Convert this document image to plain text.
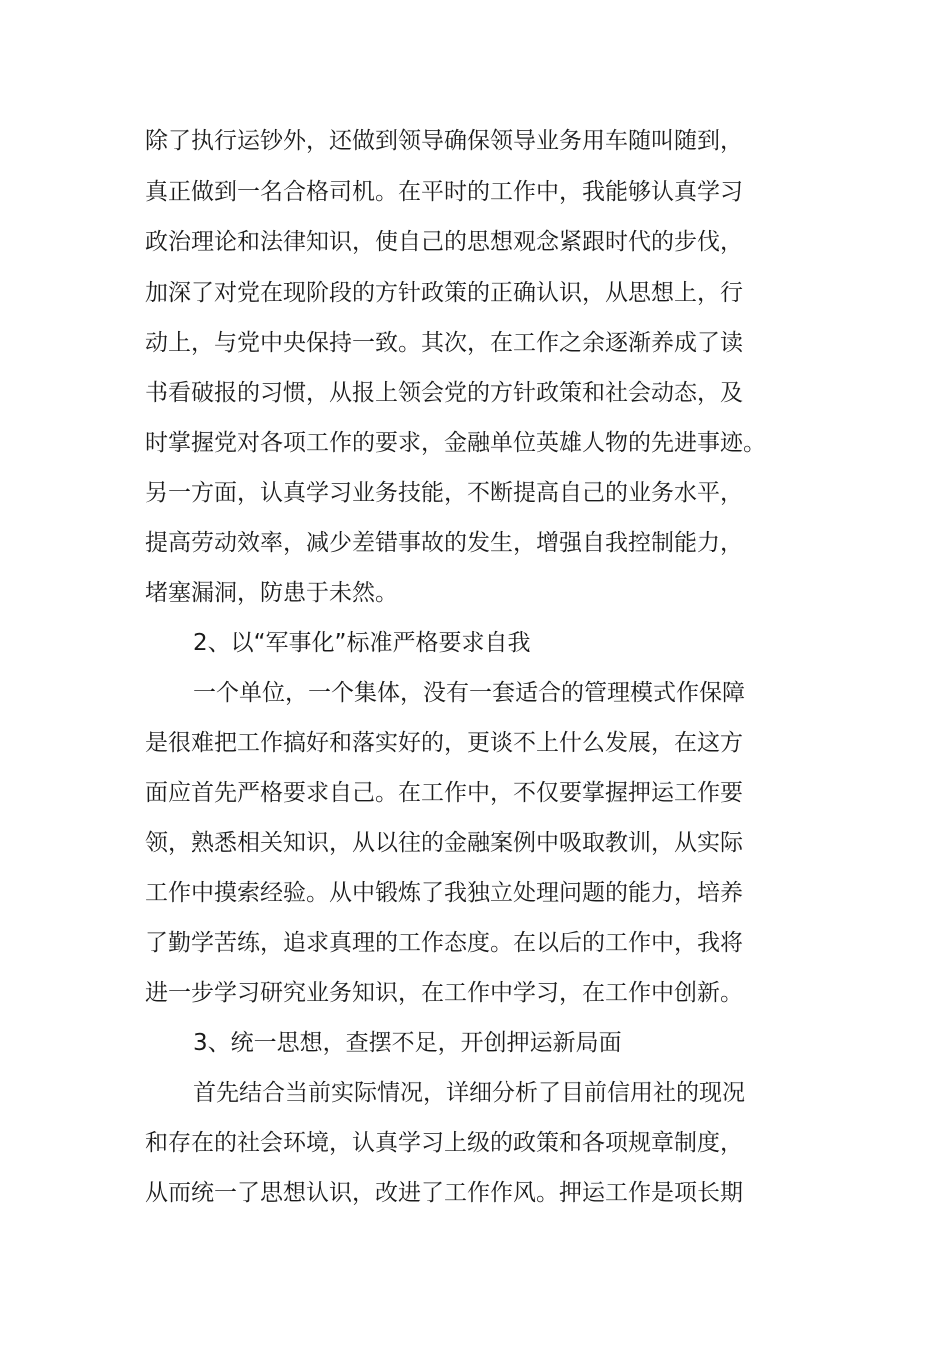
除了执行运钞外，还做到领导确保领导业务用车随叫随到，
真正做到一名合格司机。在平时的工作中，我能够认真学习
政治理论和法律知识，使自己的思想观念紧跟时代的步伐，
加深了对党在现阶段的方针政策的正确认识，从思想上，行
动上，与党中央保持一致。其次，在工作之余逐渐养成了读
书看破报的习惯，从报上领会党的方针政策和社会动态，及
时掌握党对各项工作的要求，金融单位英雄人物的先进事迹。
另一方面，认真学习业务技能，不断提高自己的业务水平，
提高劳动效率，减少差错事故的发生，增强自我控制能力，
堵塞漏洞，防患于未然。
2、以“军事化”标准严格要求自我
一个单位，一个集体，没有一套适合的管理模式作保障
是很难把工作搞好和落实好的，更谈不上什么发展，在这方
面应首先严格要求自己。在工作中，不仅要掌握押运工作要
领，熟悉相关知识，从以往的金融案例中吸取教训，从实际
工作中摸索经验。从中锻炼了我独立处理问题的能力，培养
了勤学苦练，追求真理的工作态度。在以后的工作中，我将
进一步学习研究业务知识，在工作中学习，在工作中创新。
3、统一思想，查摆不足，开创押运新局面
首先结合当前实际情况，详细分析了目前信用社的现况
和存在的社会环境，认真学习上级的政策和各项规章制度，
从而统一了思想认识，改进了工作作风。押运工作是项长期
